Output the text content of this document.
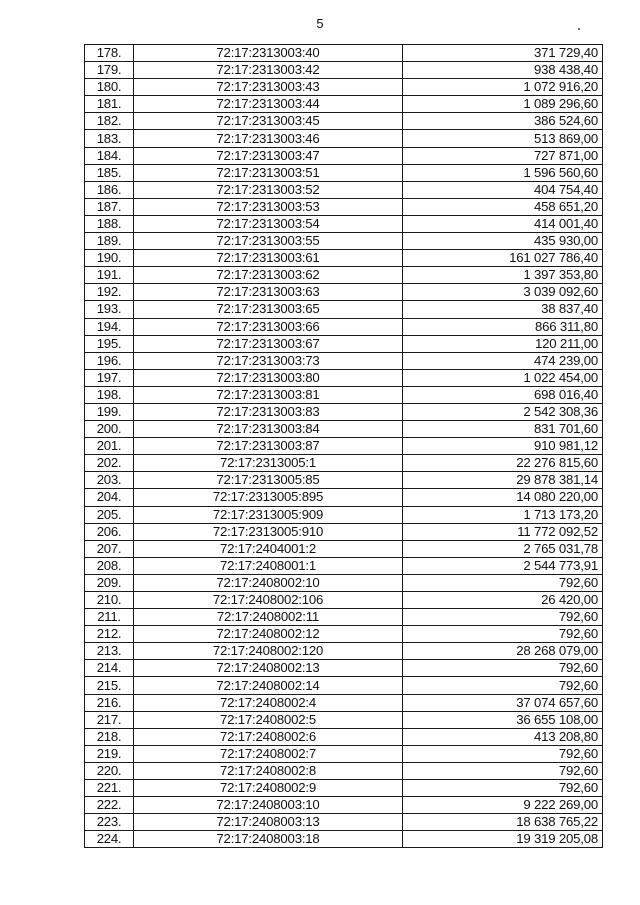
5
178.	72:17:2313003:40	371 729,40
179.	72:17:2313003:42	938 438,40
180.	72:17:2313003:43	1 072 916,20
181.	72:17:2313003:44	1 089 296,60
182.	72:17:2313003:45	386 524,60
183.	72:17:2313003:46	513 869,00
184.	72:17:2313003:47	727 871,00
185.	72:17:2313003:51	1 596 560,60
186.	72:17:2313003:52	404 754,40
187.	72:17:2313003:53	458 651,20
188.	72:17:2313003:54	414 001,40
189.	72:17:2313003:55	435 930,00
190.	72:17:2313003:61	161 027 786,40
191.	72:17:2313003:62	1 397 353,80
192.	72:17:2313003:63	3 039 092,60
193.	72:17:2313003:65	38 837,40
194.	72:17:2313003:66	866 311,80
195.	72:17:2313003:67	120 211,00
196.	72:17:2313003:73	474 239,00
197.	72:17:2313003:80	1 022 454,00
198.	72:17:2313003:81	698 016,40
199.	72:17:2313003:83	2 542 308,36
200.	72:17:2313003:84	831 701,60
201.	72:17:2313003:87	910 981,12
202.	72:17:2313005:1	22 276 815,60
203.	72:17:2313005:85	29 878 381,14
204.	72:17:2313005:895	14 080 220,00
205.	72:17:2313005:909	1 713 173,20
206.	72:17:2313005:910	11 772 092,52
207.	72:17:2404001:2	2 765 031,78
208.	72:17:2408001:1	2 544 773,91
209.	72:17:2408002:10	792,60
210.	72:17:2408002:106	26 420,00
211.	72:17:2408002:11	792,60
212.	72:17:2408002:12	792,60
213.	72:17:2408002:120	28 268 079,00
214.	72:17:2408002:13	792,60
215.	72:17:2408002:14	792,60
216.	72:17:2408002:4	37 074 657,60
217.	72:17:2408002:5	36 655 108,00
218.	72:17:2408002:6	413 208,80
219.	72:17:2408002:7	792,60
220.	72:17:2408002:8	792,60
221.	72:17:2408002:9	792,60
222.	72:17:2408003:10	9 222 269,00
223.	72:17:2408003:13	18 638 765,22
224.	72:17:2408003:18	19 319 205,08
